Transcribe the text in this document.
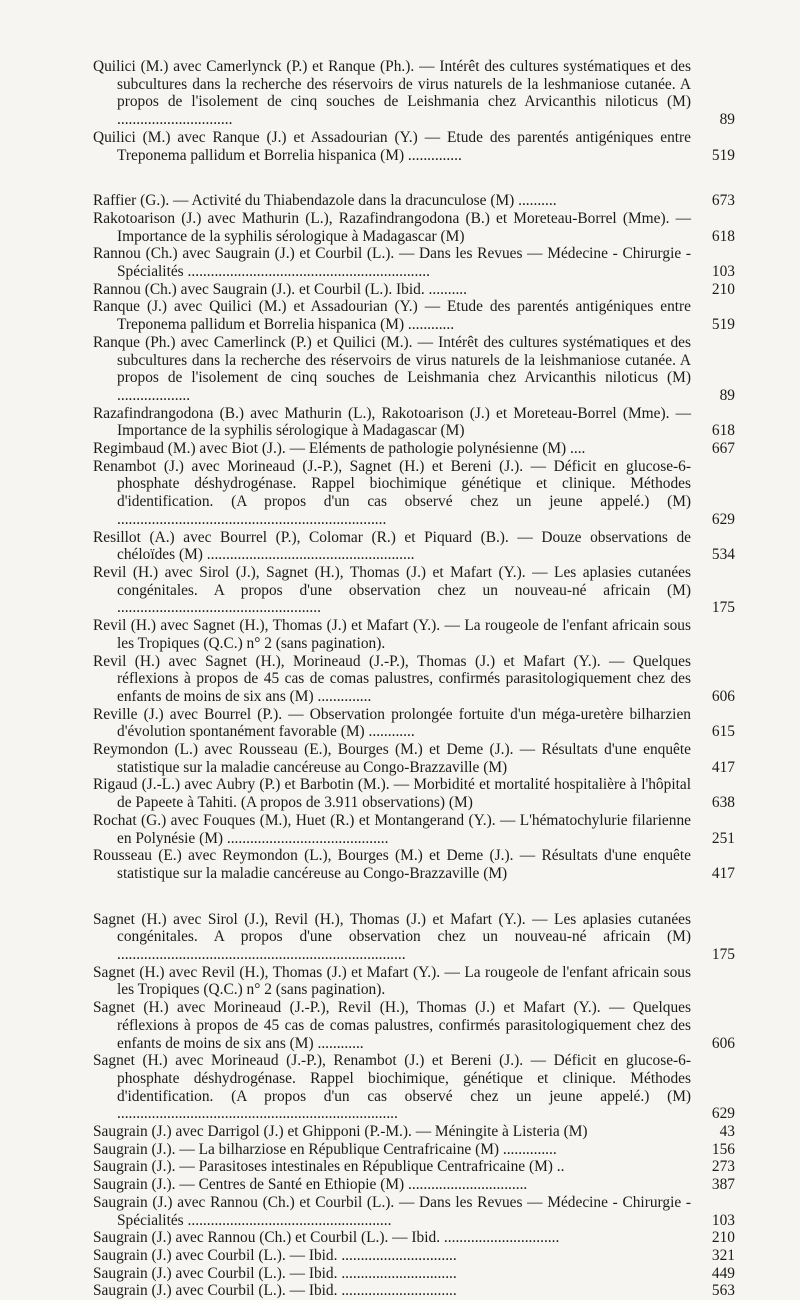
Quilici (M.) avec Camerlynck (P.) et Ranque (Ph.). — Intérêt des cultures systématiques et des subcultures dans la recherche des réservoirs de virus naturels de la leshmaniose cutanée. A propos de l'isolement de cinq souches de Leishmania chez Arvicanthis niloticus (M) ..............................	89
Quilici (M.) avec Ranque (J.) et Assadourian (Y.) — Etude des parentés antigéniques entre Treponema pallidum et Borrelia hispanica (M) ..............	519
Raffier (G.). — Activité du Thiabendazole dans la dracunculose (M) ..........	673
Rakotoarison (J.) avec Mathurin (L.), Razafindrangodona (B.) et Moreteau-Borrel (Mme). — Importance de la syphilis sérologique à Madagascar (M)	618
Rannou (Ch.) avec Saugrain (J.) et Courbil (L.). — Dans les Revues — Médecine - Chirurgie - Spécialités ...............................................................	103
Rannou (Ch.) avec Saugrain (J.). et Courbil (L.). Ibid. ..........	210
Ranque (J.) avec Quilici (M.) et Assadourian (Y.) — Etude des parentés antigéniques entre Treponema pallidum et Borrelia hispanica (M) ............	519
Ranque (Ph.) avec Camerlinck (P.) et Quilici (M.). — Intérêt des cultures systématiques et des subcultures dans la recherche des réservoirs de virus naturels de la leishmaniose cutanée. A propos de l'isolement de cinq souches de Leishmania chez Arvicanthis niloticus (M) ...................	89
Razafindrangodona (B.) avec Mathurin (L.), Rakotoarison (J.) et Moreteau-Borrel (Mme). — Importance de la syphilis sérologique à Madagascar (M)	618
Regimbaud (M.) avec Biot (J.). — Eléments de pathologie polynésienne (M) ....	667
Renambot (J.) avec Morineaud (J.-P.), Sagnet (H.) et Bereni (J.). — Déficit en glucose-6-phosphate déshydrogénase. Rappel biochimique génétique et clinique. Méthodes d'identification. (A propos d'un cas observé chez un jeune appelé.) (M) ......................................................................	629
Resillot (A.) avec Bourrel (P.), Colomar (R.) et Piquard (B.). — Douze observations de chéloïdes (M) ......................................................	534
Revil (H.) avec Sirol (J.), Sagnet (H.), Thomas (J.) et Mafart (Y.). — Les aplasies cutanées congénitales. A propos d'une observation chez un nouveau-né africain (M) .....................................................	175
Revil (H.) avec Sagnet (H.), Thomas (J.) et Mafart (Y.). — La rougeole de l'enfant africain sous les Tropiques (Q.C.) n° 2 (sans pagination).
Revil (H.) avec Sagnet (H.), Morineaud (J.-P.), Thomas (J.) et Mafart (Y.). — Quelques réflexions à propos de 45 cas de comas palustres, confirmés parasitologiquement chez des enfants de moins de six ans (M) ..............	606
Reville (J.) avec Bourrel (P.). — Observation prolongée fortuite d'un méga-uretère bilharzien d'évolution spontanément favorable (M) ............	615
Reymondon (L.) avec Rousseau (E.), Bourges (M.) et Deme (J.). — Résultats d'une enquête statistique sur la maladie cancéreuse au Congo-Brazzaville (M)	417
Rigaud (J.-L.) avec Aubry (P.) et Barbotin (M.). — Morbidité et mortalité hospitalière à l'hôpital de Papeete à Tahiti. (A propos de 3.911 observations) (M)	638
Rochat (G.) avec Fouques (M.), Huet (R.) et Montangerand (Y.). — L'hématochylurie filarienne en Polynésie (M) ..........................................	251
Rousseau (E.) avec Reymondon (L.), Bourges (M.) et Deme (J.). — Résultats d'une enquête statistique sur la maladie cancéreuse au Congo-Brazzaville (M)	417
Sagnet (H.) avec Sirol (J.), Revil (H.), Thomas (J.) et Mafart (Y.). — Les aplasies cutanées congénitales. A propos d'une observation chez un nouveau-né africain (M) ...........................................................................	175
Sagnet (H.) avec Revil (H.), Thomas (J.) et Mafart (Y.). — La rougeole de l'enfant africain sous les Tropiques (Q.C.) n° 2 (sans pagination).
Sagnet (H.) avec Morineaud (J.-P.), Revil (H.), Thomas (J.) et Mafart (Y.). — Quelques réflexions à propos de 45 cas de comas palustres, confirmés parasitologiquement chez des enfants de moins de six ans (M) ............	606
Sagnet (H.) avec Morineaud (J.-P.), Renambot (J.) et Bereni (J.). — Déficit en glucose-6-phosphate déshydrogénase. Rappel biochimique, génétique et clinique. Méthodes d'identification. (A propos d'un cas observé chez un jeune appelé.) (M) .........................................................................	629
Saugrain (J.) avec Darrigol (J.) et Ghipponi (P.-M.). — Méningite à Listeria (M)	43
Saugrain (J.). — La bilharziose en République Centrafricaine (M) ..............	156
Saugrain (J.). — Parasitoses intestinales en République Centrafricaine (M) ..	273
Saugrain (J.). — Centres de Santé en Ethiopie (M) ...............................	387
Saugrain (J.) avec Rannou (Ch.) et Courbil (L.). — Dans les Revues — Médecine - Chirurgie - Spécialités .....................................................	103
Saugrain (J.) avec Rannou (Ch.) et Courbil (L.). — Ibid. ..............................	210
Saugrain (J.) avec Courbil (L.). — Ibid. ..............................	321
Saugrain (J.) avec Courbil (L.). — Ibid. ..............................	449
Saugrain (J.) avec Courbil (L.). — Ibid. ..............................	563
